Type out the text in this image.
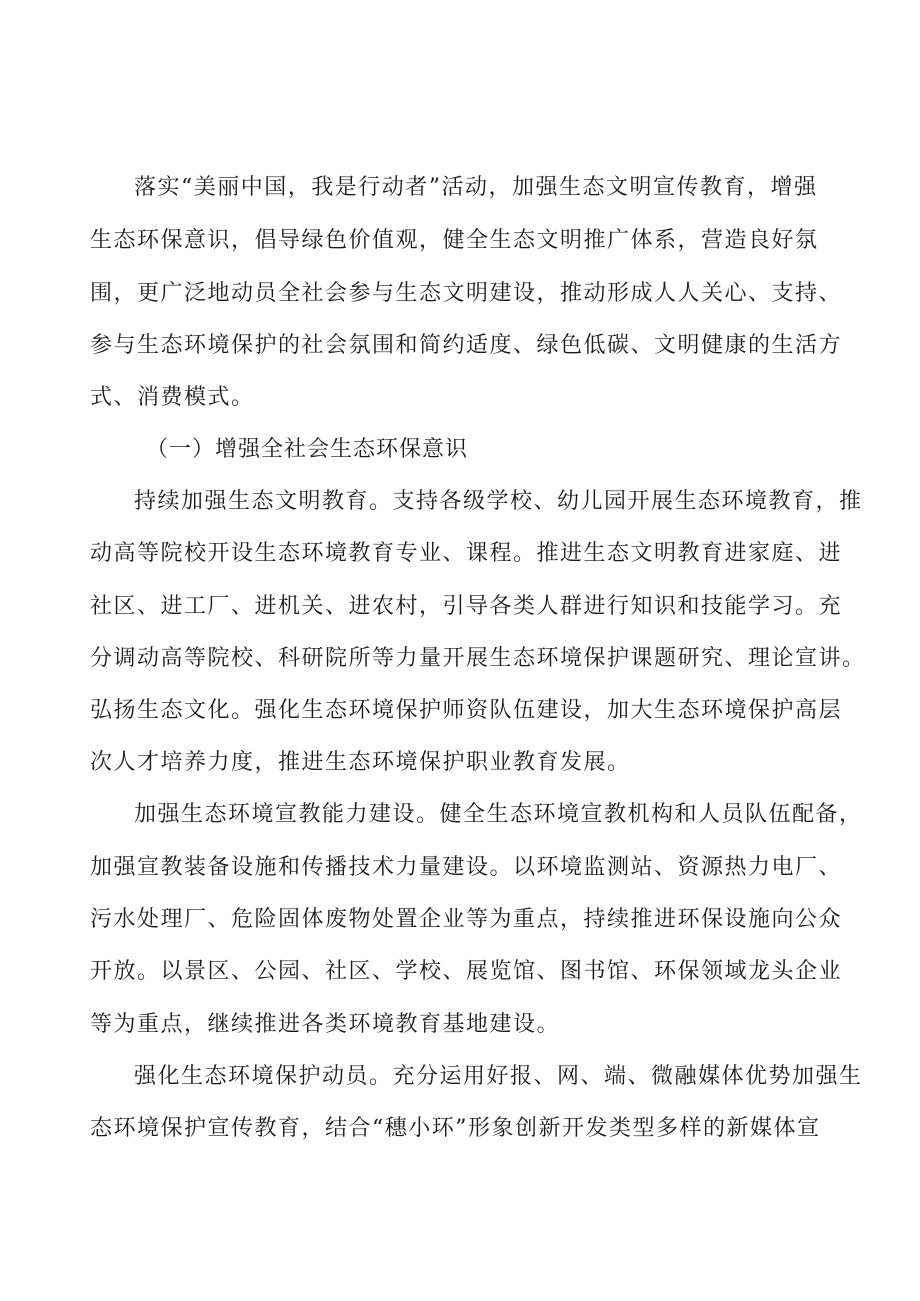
落实“美丽中国，我是行动者”活动，加强生态文明宣传教育，增强
生态环保意识，倡导绿色价值观，健全生态文明推广体系，营造良好氛
围，更广泛地动员全社会参与生态文明建设，推动形成人人关心、支持、
参与生态环境保护的社会氛围和简约适度、绿色低碳、文明健康的生活方
式、消费模式。
（一）增强全社会生态环保意识
持续加强生态文明教育。支持各级学校、幼儿园开展生态环境教育，推
动高等院校开设生态环境教育专业、课程。推进生态文明教育进家庭、进
社区、进工厂、进机关、进农村，引导各类人群进行知识和技能学习。充
分调动高等院校、科研院所等力量开展生态环境保护课题研究、理论宣讲。
弘扬生态文化。强化生态环境保护师资队伍建设，加大生态环境保护高层
次人才培养力度，推进生态环境保护职业教育发展。
加强生态环境宣教能力建设。健全生态环境宣教机构和人员队伍配备，
加强宣教装备设施和传播技术力量建设。以环境监测站、资源热力电厂、
污水处理厂、危险固体废物处置企业等为重点，持续推进环保设施向公众
开放。以景区、公园、社区、学校、展览馆、图书馆、环保领域龙头企业
等为重点，继续推进各类环境教育基地建设。
强化生态环境保护动员。充分运用好报、网、端、微融媒体优势加强生
态环境保护宣传教育，结合“穗小环”形象创新开发类型多样的新媒体宣
